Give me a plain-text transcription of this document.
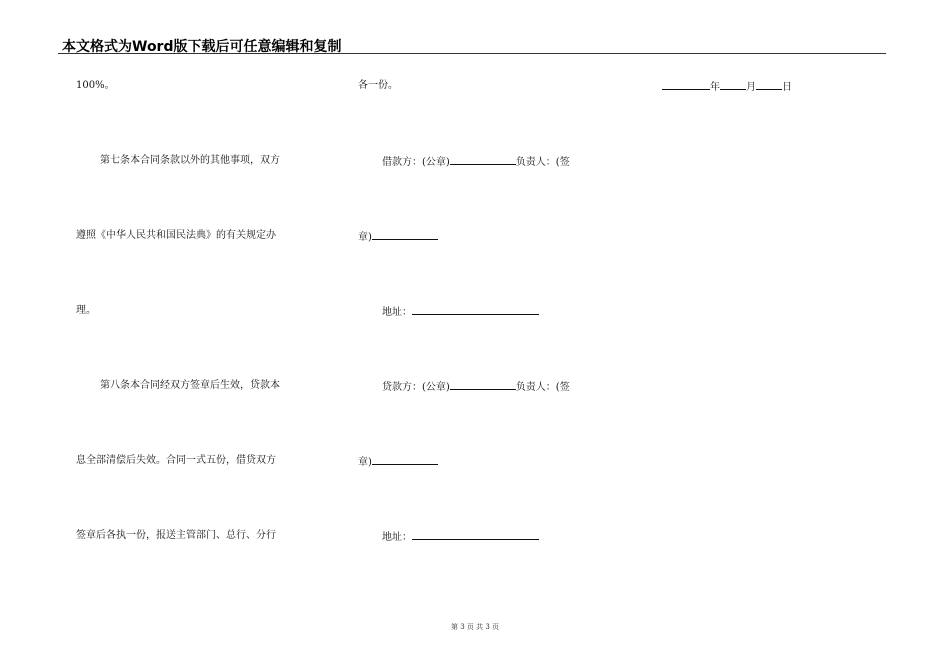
本文格式为Word版下载后可任意编辑和复制
100%。
第七条本合同条款以外的其他事项，双方
遵照《中华人民共和国民法典》的有关规定办
理。
第八条本合同经双方签章后生效，贷款本
息全部清偿后失效。合同一式五份，借贷双方
签章后各执一份，报送主管部门、总行、分行
各一份。
借款方：(公章)	负责人：(签
章)
地址：
贷款方：(公章)	负责人：(签
章)
地址：
年	月	日
第 3 页 共 3 页
